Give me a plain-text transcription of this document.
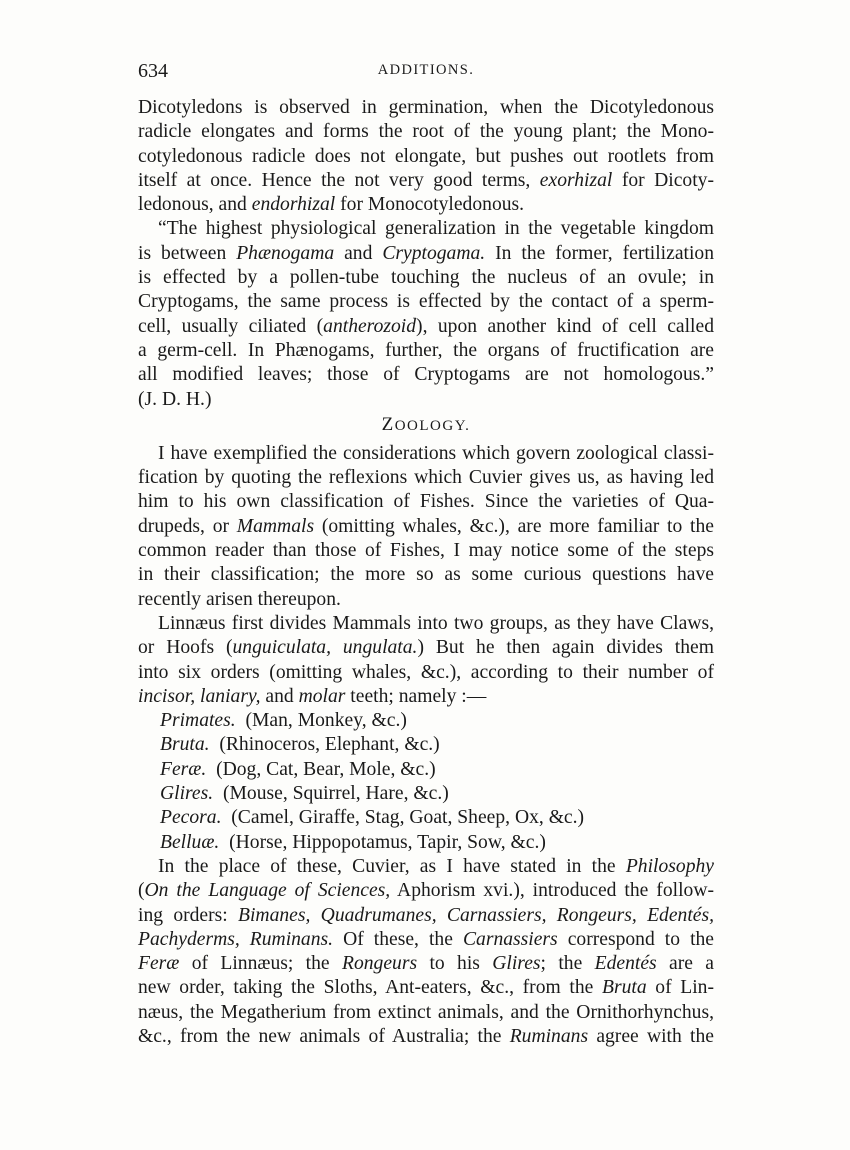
634	ADDITIONS.
Dicotyledons is observed in germination, when the Dicotyledonous
radicle elongates and forms the root of the young plant; the Mono-
cotyledonous radicle does not elongate, but pushes out rootlets from
itself at once. Hence the not very good terms, exorhizal for Dicoty-
ledonous, and endorhizal for Monocotyledonous.
“The highest physiological generalization in the vegetable kingdom
is between Phænogama and Cryptogama. In the former, fertilization
is effected by a pollen-tube touching the nucleus of an ovule; in
Cryptogams, the same process is effected by the contact of a sperm-
cell, usually ciliated (antherozoid), upon another kind of cell called
a germ-cell. In Phænogams, further, the organs of fructification are
all modified leaves; those of Cryptogams are not homologous.”
(J. D. H.)
ZOOLOGY.
I have exemplified the considerations which govern zoological classi-
fication by quoting the reflexions which Cuvier gives us, as having led
him to his own classification of Fishes. Since the varieties of Qua-
drupeds, or Mammals (omitting whales, &c.), are more familiar to the
common reader than those of Fishes, I may notice some of the steps
in their classification; the more so as some curious questions have
recently arisen thereupon.
Linnæus first divides Mammals into two groups, as they have Claws,
or Hoofs (unguiculata, ungulata.) But he then again divides them
into six orders (omitting whales, &c.), according to their number of
incisor, laniary, and molar teeth; namely :—
Primates. (Man, Monkey, &c.)
Bruta. (Rhinoceros, Elephant, &c.)
Feræ. (Dog, Cat, Bear, Mole, &c.)
Glires. (Mouse, Squirrel, Hare, &c.)
Pecora. (Camel, Giraffe, Stag, Goat, Sheep, Ox, &c.)
Belluæ. (Horse, Hippopotamus, Tapir, Sow, &c.)
In the place of these, Cuvier, as I have stated in the Philosophy
(On the Language of Sciences, Aphorism xvi.), introduced the follow-
ing orders: Bimanes, Quadrumanes, Carnassiers, Rongeurs, Edentés,
Pachyderms, Ruminans. Of these, the Carnassiers correspond to the
Feræ of Linnæus; the Rongeurs to his Glires; the Edentés are a
new order, taking the Sloths, Ant-eaters, &c., from the Bruta of Lin-
næus, the Megatherium from extinct animals, and the Ornithorhynchus,
&c., from the new animals of Australia; the Ruminans agree with the
